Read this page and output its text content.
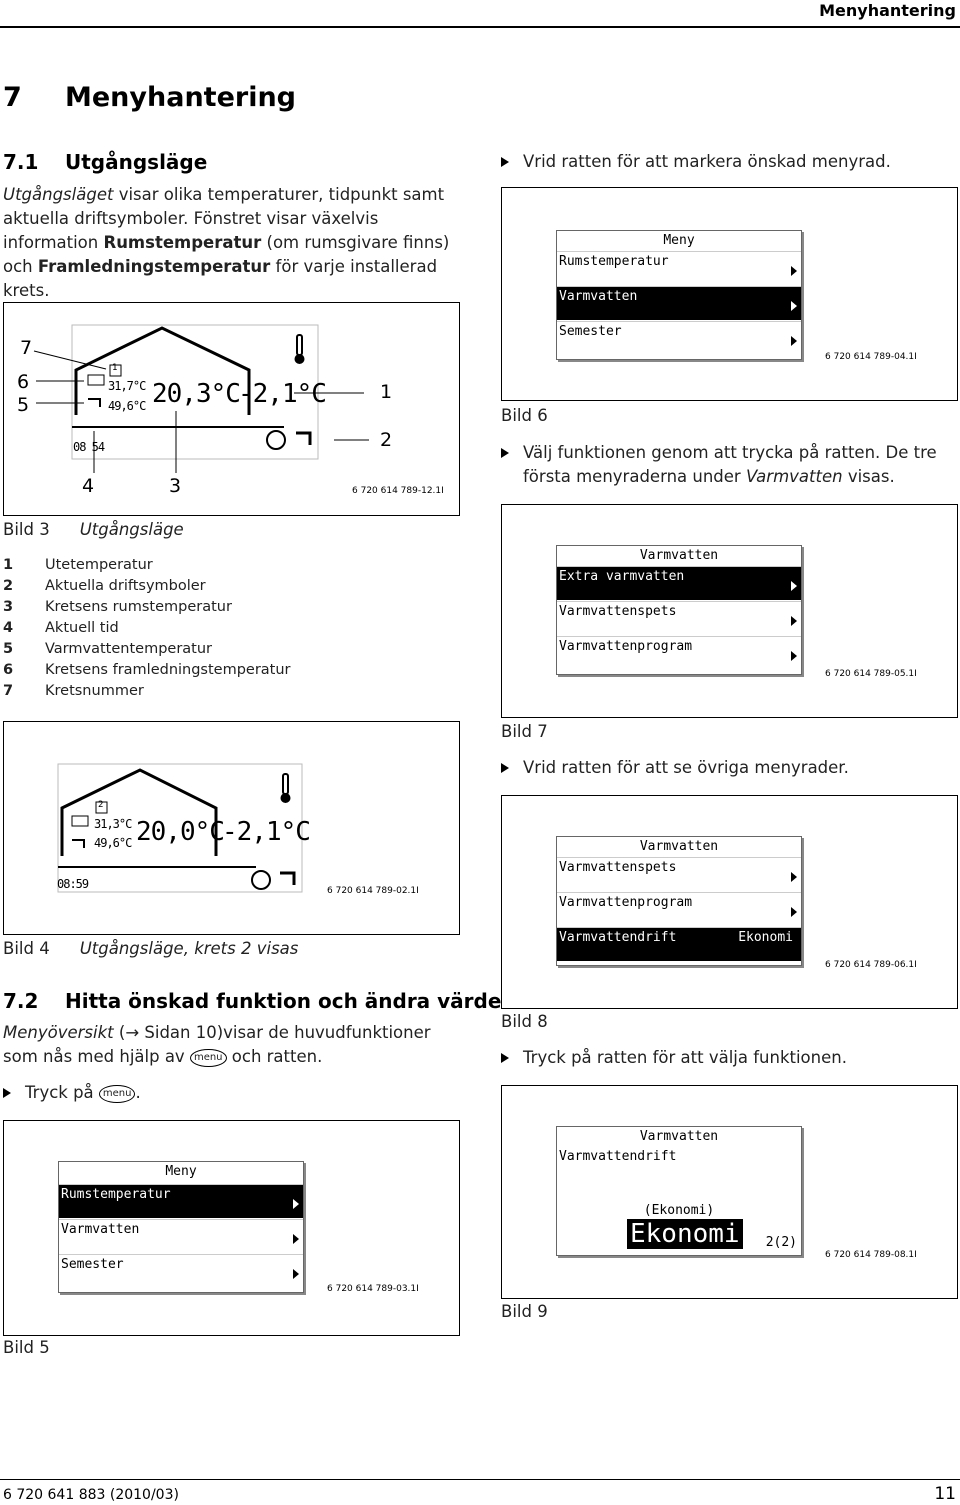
Menyhantering
7 Menyhantering
7.1 Utgångsläge
Utgångsläget visar olika temperaturer, tidpunkt samt aktuella driftsymboler. Fönstret visar växelvis information Rumstemperatur (om rumsgivare finns) och Framledningstemperatur för varje installerad krets.
7
6
5
1
2
4	3
1
31,7°C
49,6°C 20,3°C
-2,1°C
08 54
6 720 614 789-12.1I
Bild 3 Utgångsläge
1 Utetemperatur
2 Aktuella driftsymboler
3 Kretsens rumstemperatur
4 Aktuell tid
5 Varmvattentemperatur
6 Kretsens framledningstemperatur
7 Kretsnummer
2
31,3°C
49,6°C 20,0°C
-2,1°C
08:59	6 720 614 789-02.1I
Bild 4 Utgångsläge, krets 2 visas
7.2 Hitta önskad funktion och ändra värde
Menyöversikt (→ Sidan 10)visar de huvudfunktioner som nås med hjälp av menu och ratten.
Tryck på menu .
Meny
Rumstemperatur
Varmvatten
Semester
6 720 614 789-03.1I
Bild 5
Vrid ratten för att markera önskad menyrad.
Meny
Rumstemperatur
Varmvatten
Semester
6 720 614 789-04.1I
Bild 6
Välj funktionen genom att trycka på ratten. De tre första menyraderna under Varmvatten visas.
Varmvatten
Extra varmvatten
Varmvattenspets
Varmvattenprogram
6 720 614 789-05.1I
Bild 7
Vrid ratten för att se övriga menyrader.
Varmvatten
Varmvattenspets
Varmvattenprogram
Varmvattendrift	Ekonomi
6 720 614 789-06.1I
Bild 8
Tryck på ratten för att välja funktionen.
Varmvatten
Varmvattendrift
(Ekonomi)
Ekonomi 2(2)
6 720 614 789-08.1I
Bild 9
6 720 641 883 (2010/03)	11
